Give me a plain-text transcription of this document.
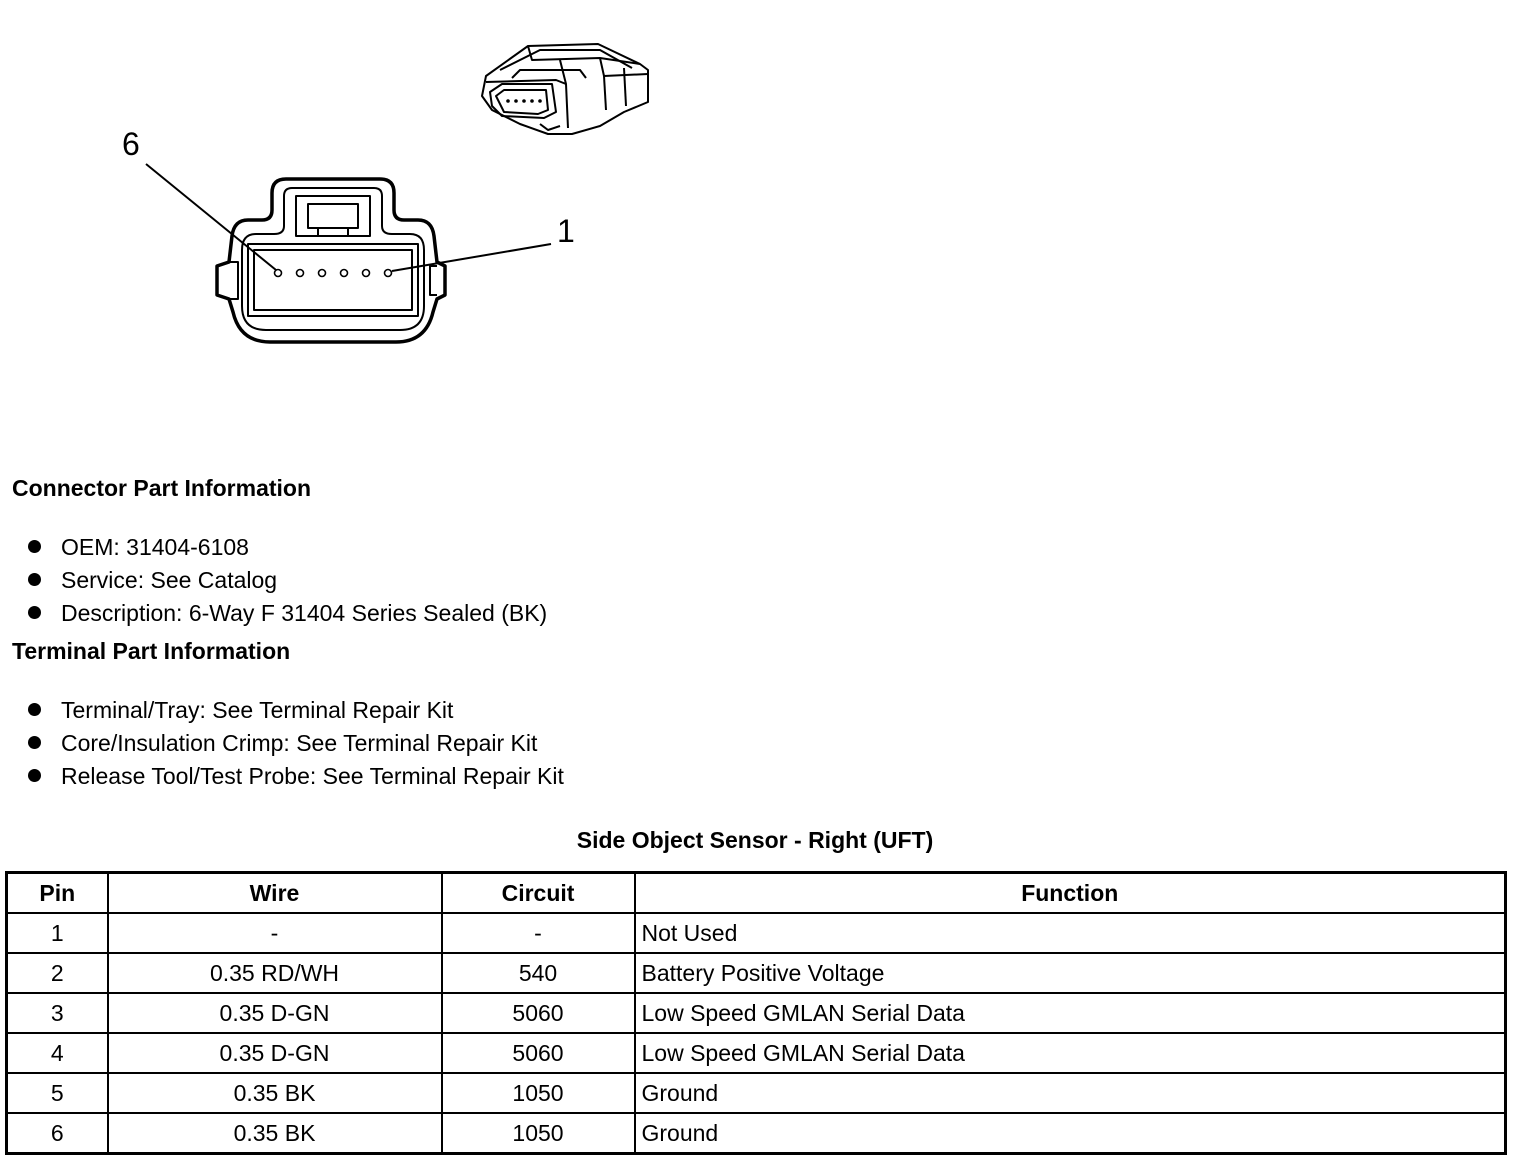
6
1
Connector Part Information
OEM: 31404-6108
Service: See Catalog
Description: 6-Way F 31404 Series Sealed (BK)
Terminal Part Information
Terminal/Tray: See Terminal Repair Kit
Core/Insulation Crimp: See Terminal Repair Kit
Release Tool/Test Probe: See Terminal Repair Kit
Side Object Sensor - Right (UFT)
Pin	Wire	Circuit	Function
1	-	-	Not Used
2	0.35 RD/WH	540	Battery Positive Voltage
3	0.35 D-GN	5060	Low Speed GMLAN Serial Data
4	0.35 D-GN	5060	Low Speed GMLAN Serial Data
5	0.35 BK	1050	Ground
6	0.35 BK	1050	Ground
